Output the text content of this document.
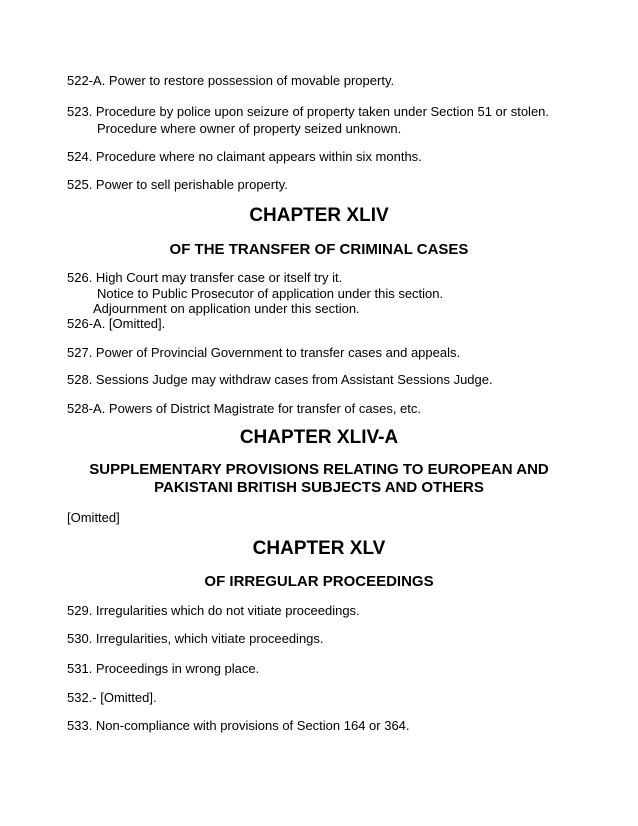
522-A. Power to restore possession of movable property.
523. Procedure by police upon seizure of property taken under Section 51 or stolen.
Procedure where owner of property seized unknown.
524. Procedure where no claimant appears within six months.
525. Power to sell perishable property.
CHAPTER XLIV
OF THE TRANSFER OF CRIMINAL CASES
526. High Court may transfer case or itself try it.
Notice to Public Prosecutor of application under this section.
Adjournment on application under this section.
526-A. [Omitted].
527. Power of Provincial Government to transfer cases and appeals.
528. Sessions Judge may withdraw cases from Assistant Sessions Judge.
528-A. Powers of District Magistrate for transfer of cases, etc.
CHAPTER XLIV-A
SUPPLEMENTARY PROVISIONS RELATING TO EUROPEAN AND
PAKISTANI BRITISH SUBJECTS AND OTHERS
[Omitted]
CHAPTER XLV
OF IRREGULAR PROCEEDINGS
529. Irregularities which do not vitiate proceedings.
530. Irregularities, which vitiate proceedings.
531. Proceedings in wrong place.
532.- [Omitted].
533. Non-compliance with provisions of Section 164 or 364.
